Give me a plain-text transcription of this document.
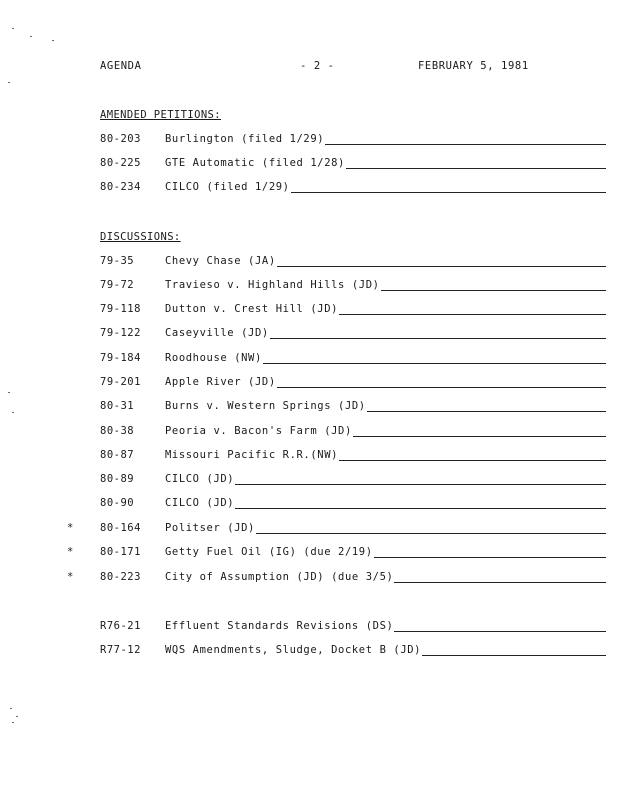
AGENDA	- 2 -	FEBRUARY 5, 1981
AMENDED PETITIONS:
80-203 Burlington (filed 1/29)
80-225 GTE Automatic (filed 1/28)
80-234 CILCO (filed 1/29)
DISCUSSIONS:
79-35	Chevy Chase (JA)
79-72	Travieso v. Highland Hills (JD)
79-118 Dutton v. Crest Hill (JD)
79-122 Caseyville (JD)
79-184 Roodhouse (NW)
79-201 Apple River (JD)
80-31	Burns v. Western Springs (JD)
80-38	Peoria v. Bacon's Farm (JD)
80-87	Missouri Pacific R.R.(NW)
80-89	CILCO (JD)
80-90	CILCO (JD)
*	80-164 Politser (JD)
*	80-171 Getty Fuel Oil (IG) (due 2/19)
*	80-223 City of Assumption (JD) (due 3/5)
R76-21 Effluent Standards Revisions (DS)
R77-12 WQS Amendments, Sludge, Docket B (JD)
